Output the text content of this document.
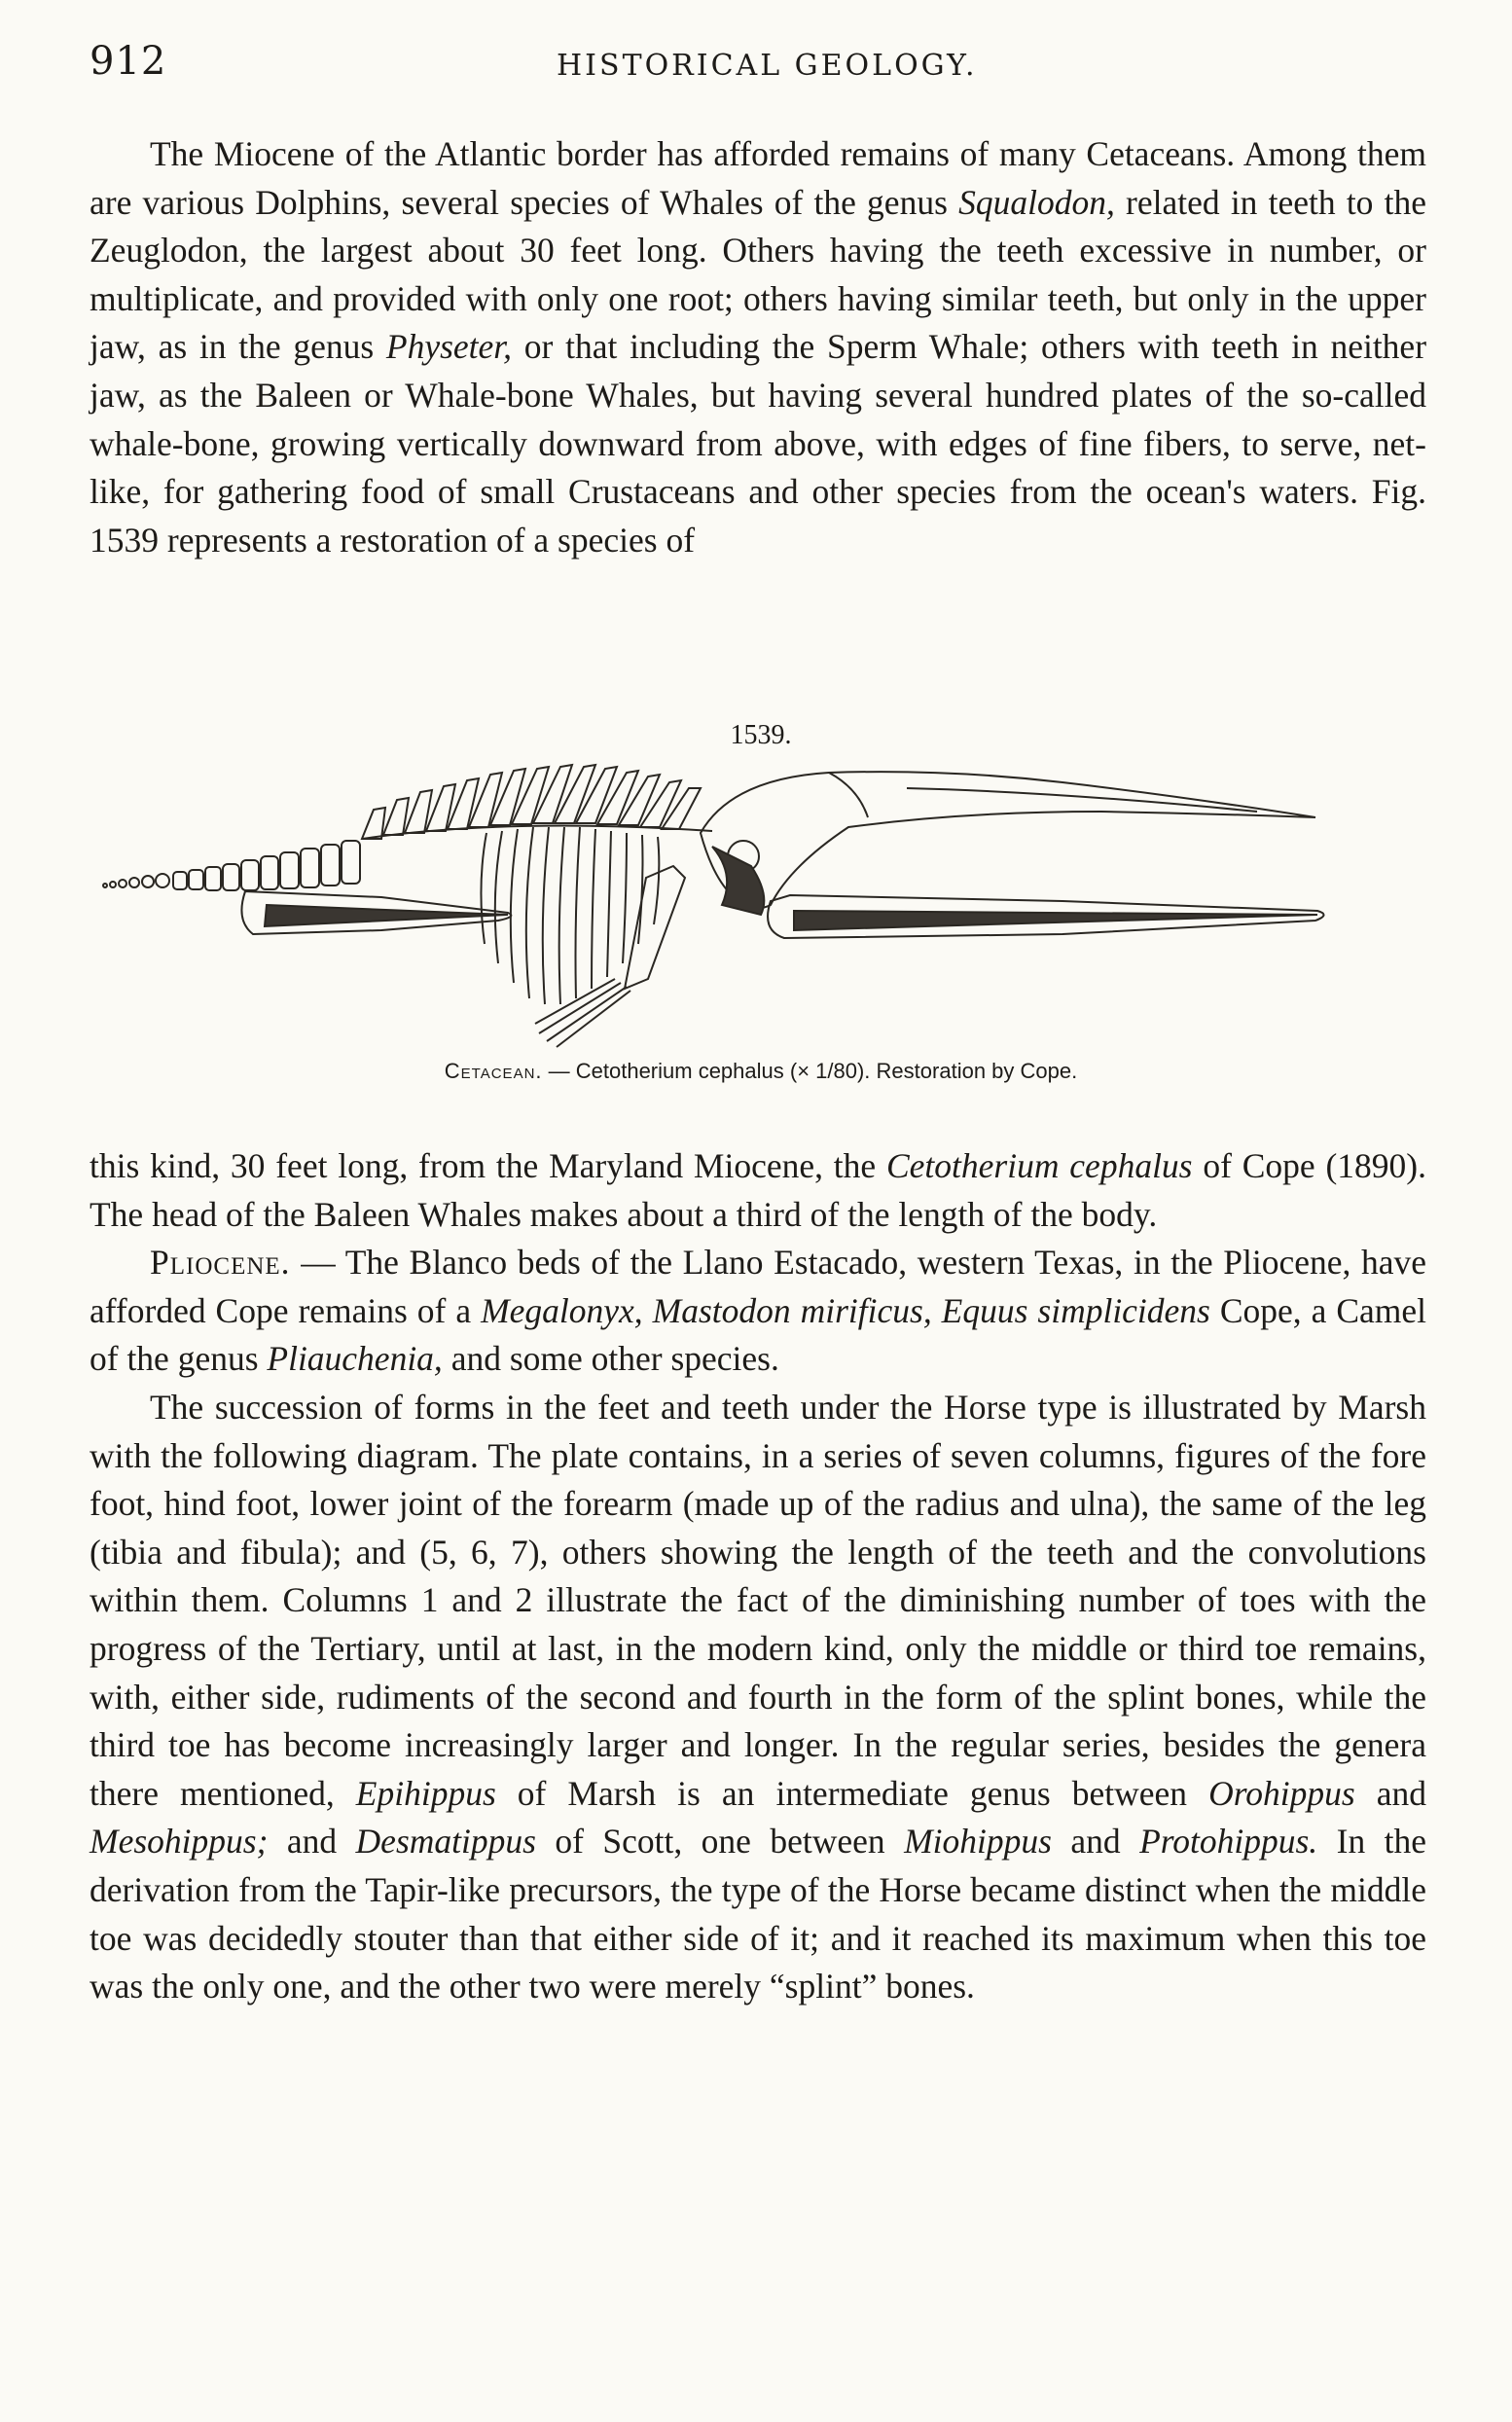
912	HISTORICAL GEOLOGY.

The Miocene of the Atlantic border has afforded remains of many Cetaceans. Among them are various Dolphins, several species of Whales of the genus Squalodon, related in teeth to the Zeuglodon, the largest about 30 feet long. Others having the teeth excessive in number, or multiplicate, and provided with only one root; others having similar teeth, but only in the upper jaw, as in the genus Physeter, or that including the Sperm Whale; others with teeth in neither jaw, as the Baleen or Whale-bone Whales, but having several hundred plates of the so-called whale-bone, growing vertically downward from above, with edges of fine fibers, to serve, net-like, for gathering food of small Crustaceans and other species from the ocean's waters. Fig. 1539 represents a restoration of a species of

1539.
Cetacean. — Cetotherium cephalus (× 1/80). Restoration by Cope.

this kind, 30 feet long, from the Maryland Miocene, the Cetotherium cephalus of Cope (1890). The head of the Baleen Whales makes about a third of the length of the body.

Pliocene. — The Blanco beds of the Llano Estacado, western Texas, in the Pliocene, have afforded Cope remains of a Megalonyx, Mastodon mirificus, Equus simplicidens Cope, a Camel of the genus Pliauchenia, and some other species.

The succession of forms in the feet and teeth under the Horse type is illustrated by Marsh with the following diagram. The plate contains, in a series of seven columns, figures of the fore foot, hind foot, lower joint of the forearm (made up of the radius and ulna), the same of the leg (tibia and fibula); and (5, 6, 7), others showing the length of the teeth and the convolutions within them. Columns 1 and 2 illustrate the fact of the diminishing number of toes with the progress of the Tertiary, until at last, in the modern kind, only the middle or third toe remains, with, either side, rudiments of the second and fourth in the form of the splint bones, while the third toe has become increasingly larger and longer. In the regular series, besides the genera there mentioned, Epihippus of Marsh is an intermediate genus between Orohippus and Mesohippus; and Desmatippus of Scott, one between Miohippus and Protohippus. In the derivation from the Tapir-like precursors, the type of the Horse became distinct when the middle toe was decidedly stouter than that either side of it; and it reached its maximum when this toe was the only one, and the other two were merely “splint” bones.
